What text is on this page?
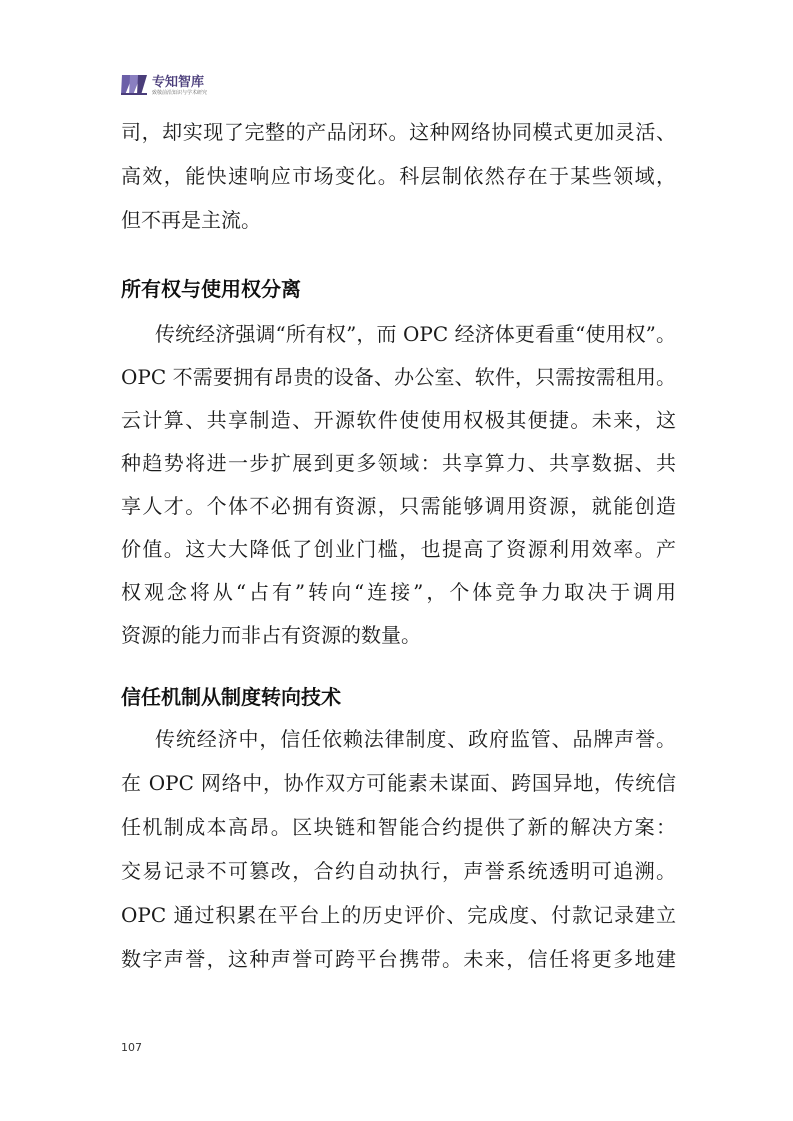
专知智库
致敬前沿知识与学术研究
司，却实现了完整的产品闭环。这种网络协同模式更加灵活、
高效，能快速响应市场变化。科层制依然存在于某些领域，
但不再是主流。
所有权与使用权分离
传统经济强调“所有权”，而 OPC 经济体更看重“使用权”。
OPC 不需要拥有昂贵的设备、办公室、软件，只需按需租用。
云计算、共享制造、开源软件使使用权极其便捷。未来，这
种趋势将进一步扩展到更多领域：共享算力、共享数据、共
享人才。个体不必拥有资源，只需能够调用资源，就能创造
价值。这大大降低了创业门槛，也提高了资源利用效率。产
权观念将从“占有”转向“连接”，个体竞争力取决于调用
资源的能力而非占有资源的数量。
信任机制从制度转向技术
传统经济中，信任依赖法律制度、政府监管、品牌声誉。
在 OPC 网络中，协作双方可能素未谋面、跨国异地，传统信
任机制成本高昂。区块链和智能合约提供了新的解决方案：
交易记录不可篡改，合约自动执行，声誉系统透明可追溯。
OPC 通过积累在平台上的历史评价、完成度、付款记录建立
数字声誉，这种声誉可跨平台携带。未来，信任将更多地建
107
